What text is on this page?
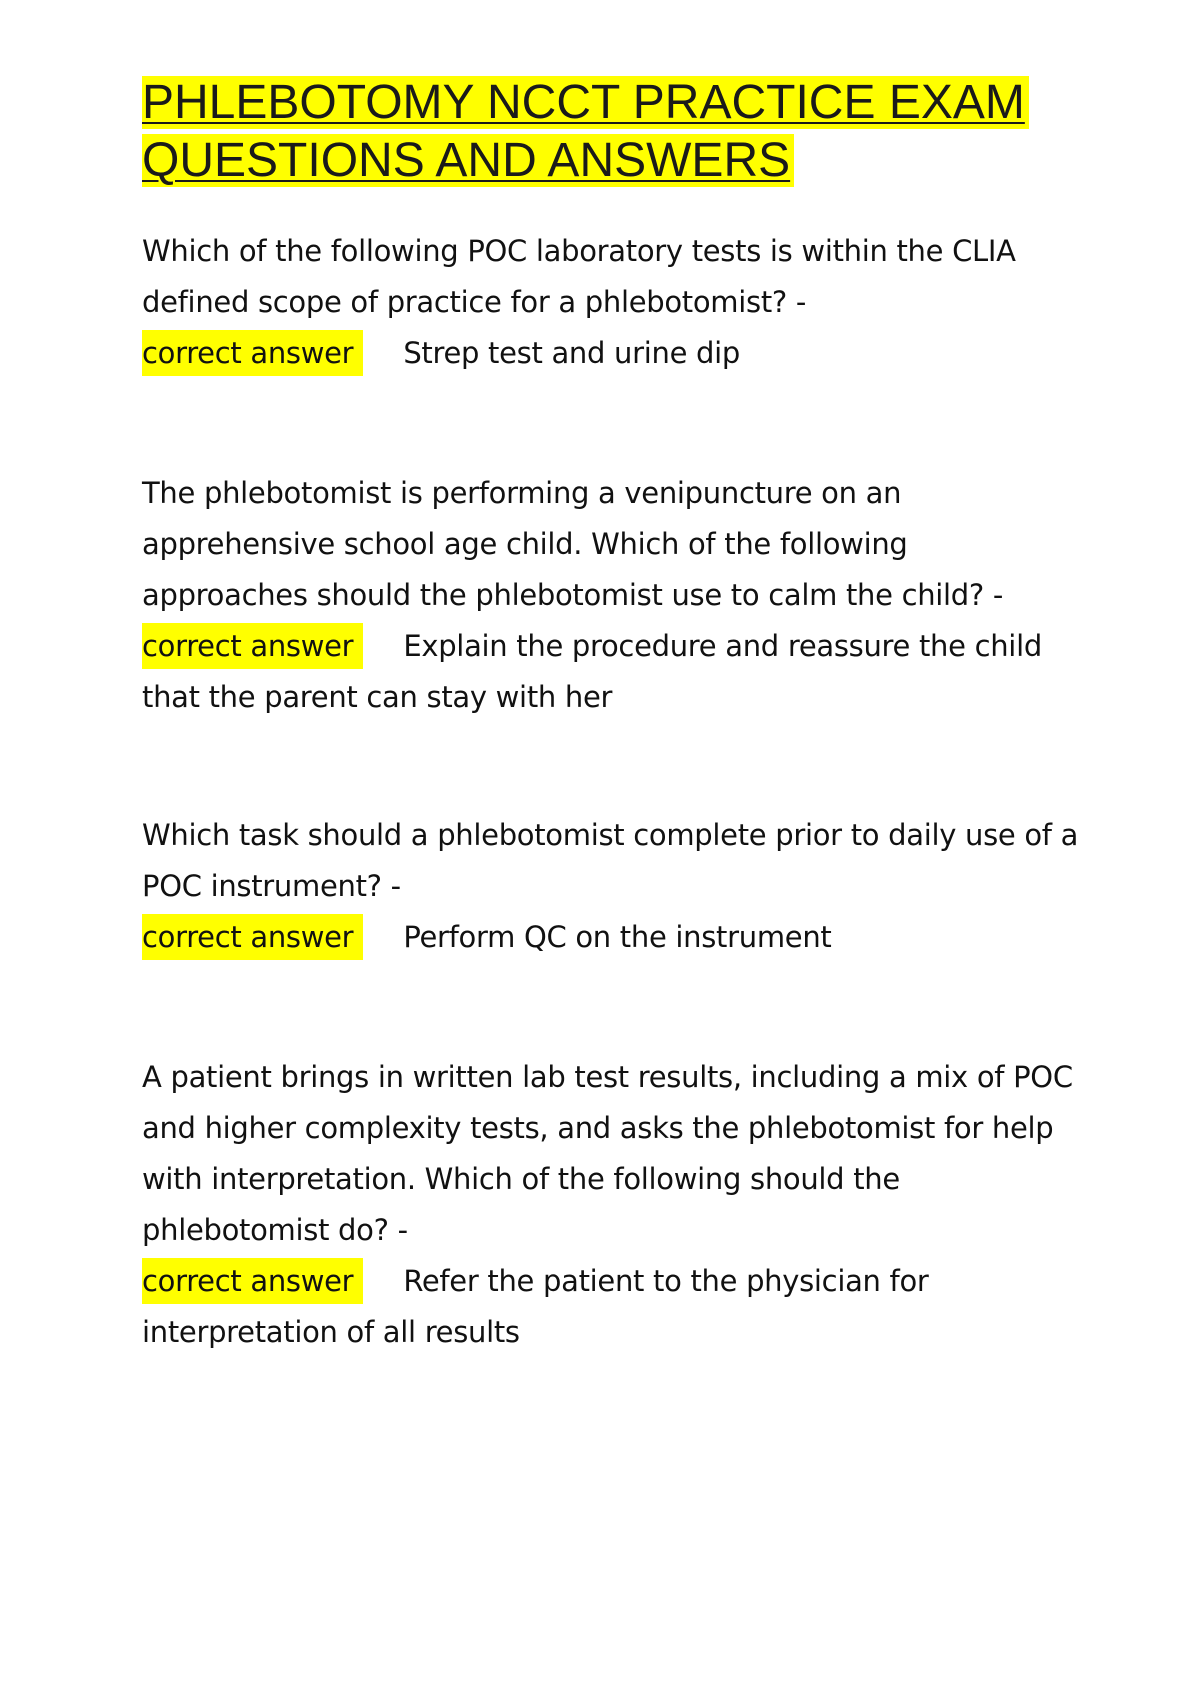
PHLEBOTOMY NCCT PRACTICE EXAM QUESTIONS AND ANSWERS

Which of the following POC laboratory tests is within the CLIA defined scope of practice for a phlebotomist? -

correct answer Strep test and urine dip

The phlebotomist is performing a venipuncture on an apprehensive school age child. Which of the following approaches should the phlebotomist use to calm the child? -

correct answer Explain the procedure and reassure the child that the parent can stay with her

Which task should a phlebotomist complete prior to daily use of a POC instrument? -

correct answer Perform QC on the instrument

A patient brings in written lab test results, including a mix of POC and higher complexity tests, and asks the phlebotomist for help with interpretation. Which of the following should the phlebotomist do? -

correct answer Refer the patient to the physician for interpretation of all results
